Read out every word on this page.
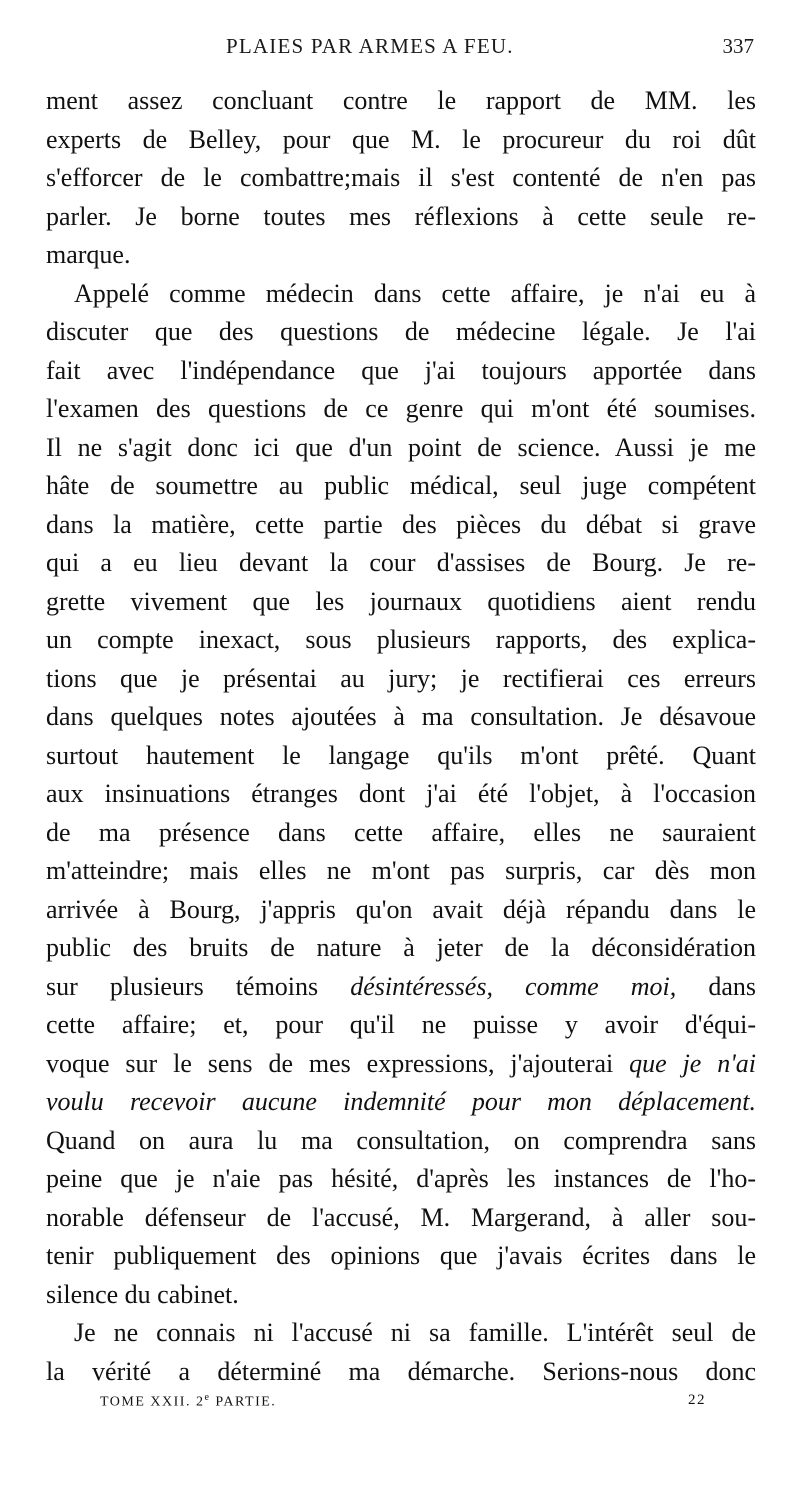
PLAIES PAR ARMES A FEU.	337
ment assez concluant contre le rapport de MM. les
experts de Belley, pour que M. le procureur du roi dût
s'efforcer de le combattre;mais il s'est contenté de n'en pas
parler. Je borne toutes mes réflexions à cette seule re-
marque.
Appelé comme médecin dans cette affaire, je n'ai eu à
discuter que des questions de médecine légale. Je l'ai
fait avec l'indépendance que j'ai toujours apportée dans
l'examen des questions de ce genre qui m'ont été soumises.
Il ne s'agit donc ici que d'un point de science. Aussi je me
hâte de soumettre au public médical, seul juge compétent
dans la matière, cette partie des pièces du débat si grave
qui a eu lieu devant la cour d'assises de Bourg. Je re-
grette vivement que les journaux quotidiens aient rendu
un compte inexact, sous plusieurs rapports, des explica-
tions que je présentai au jury; je rectifierai ces erreurs
dans quelques notes ajoutées à ma consultation. Je désavoue
surtout hautement le langage qu'ils m'ont prêté. Quant
aux insinuations étranges dont j'ai été l'objet, à l'occasion
de ma présence dans cette affaire, elles ne sauraient
m'atteindre; mais elles ne m'ont pas surpris, car dès mon
arrivée à Bourg, j'appris qu'on avait déjà répandu dans le
public des bruits de nature à jeter de la déconsidération
sur plusieurs témoins désintéressés, comme moi, dans
cette affaire; et, pour qu'il ne puisse y avoir d'équi-
voque sur le sens de mes expressions, j'ajouterai que je n'ai
voulu recevoir aucune indemnité pour mon déplacement.
Quand on aura lu ma consultation, on comprendra sans
peine que je n'aie pas hésité, d'après les instances de l'ho-
norable défenseur de l'accusé, M. Margerand, à aller sou-
tenir publiquement des opinions que j'avais écrites dans le
silence du cabinet.
Je ne connais ni l'accusé ni sa famille. L'intérêt seul de
la vérité a déterminé ma démarche. Serions-nous donc
TOME XXII. 2e PARTIE.	22
